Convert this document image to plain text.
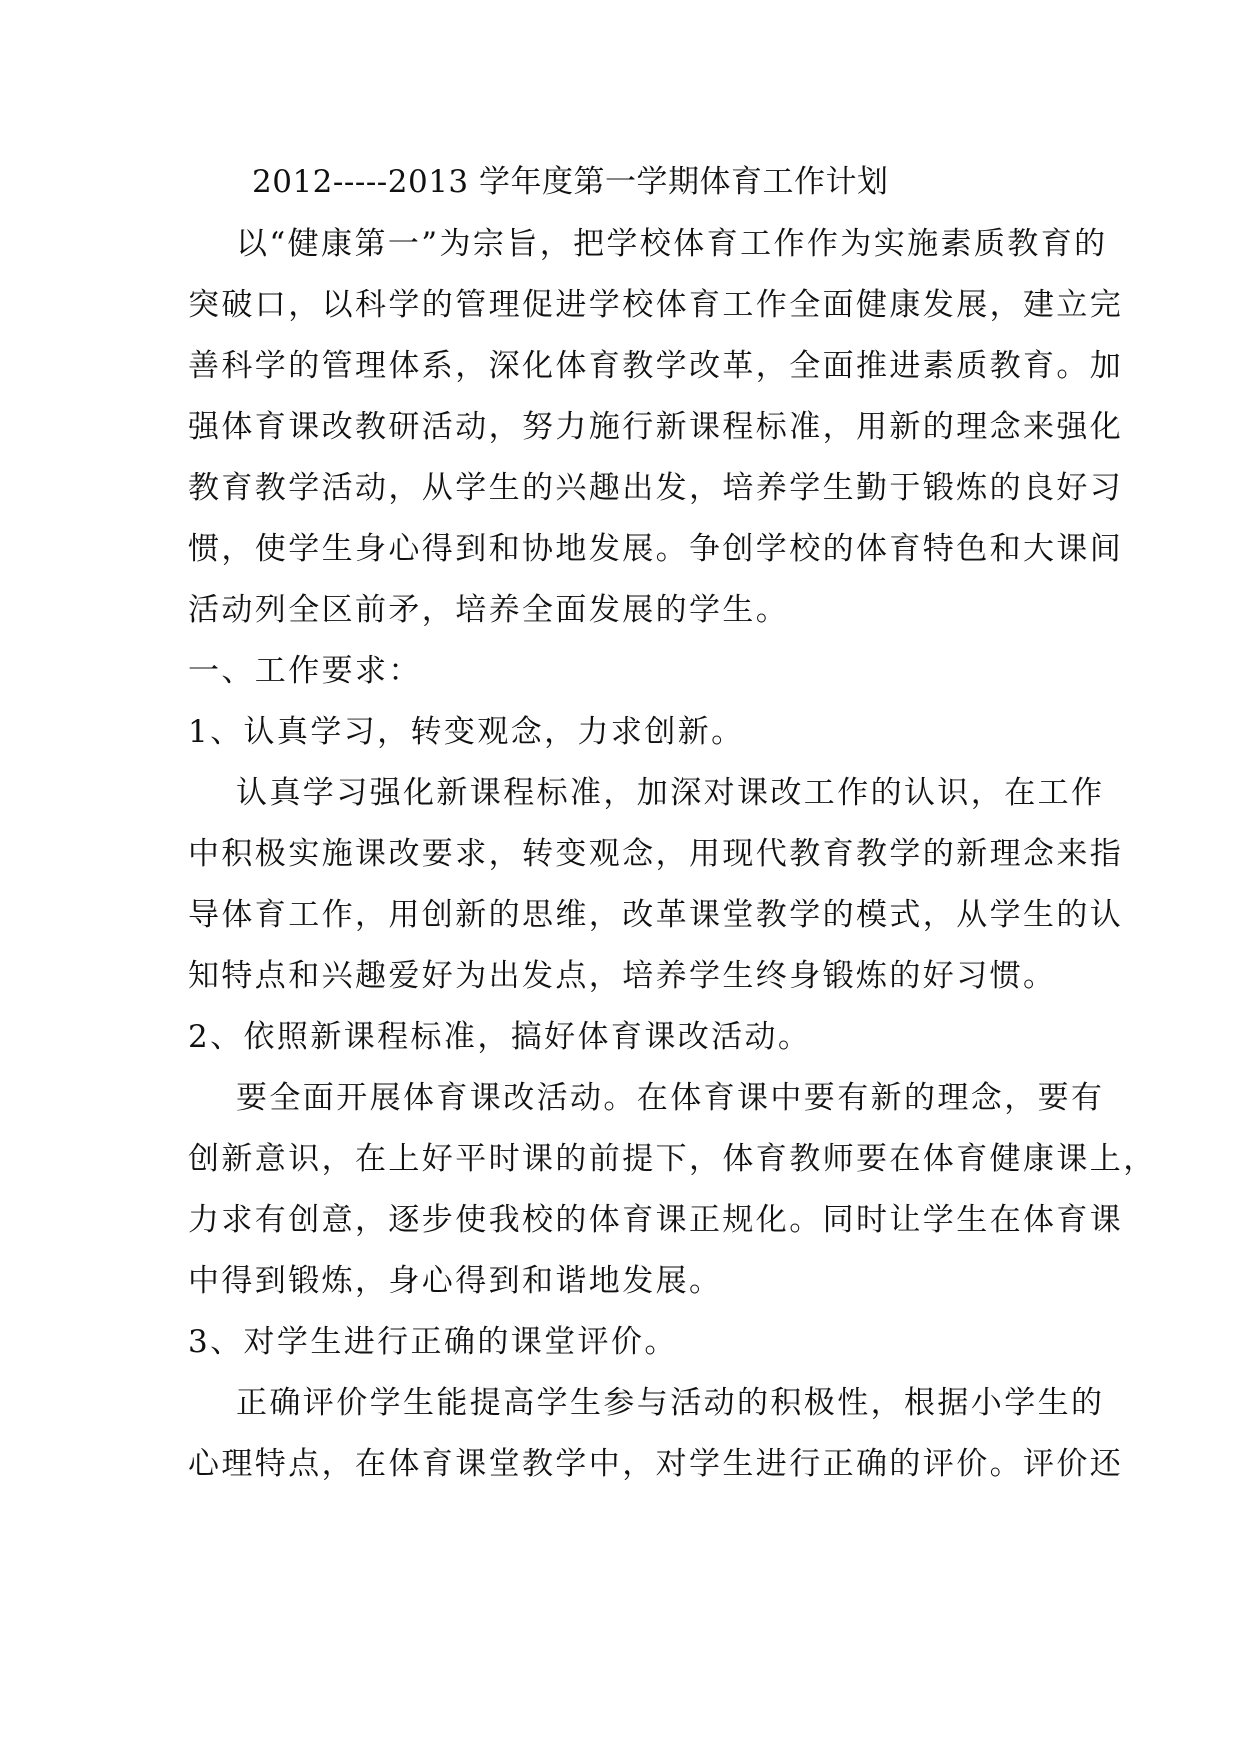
2012-----2013 学年度第一学期体育工作计划
以“健康第一”为宗旨，把学校体育工作作为实施素质教育的
突破口，以科学的管理促进学校体育工作全面健康发展，建立完
善科学的管理体系，深化体育教学改革，全面推进素质教育。加
强体育课改教研活动，努力施行新课程标准，用新的理念来强化
教育教学活动，从学生的兴趣出发，培养学生勤于锻炼的良好习
惯，使学生身心得到和协地发展。争创学校的体育特色和大课间
活动列全区前矛，培养全面发展的学生。
一、工作要求：
1、认真学习，转变观念，力求创新。
认真学习强化新课程标准，加深对课改工作的认识，在工作
中积极实施课改要求，转变观念，用现代教育教学的新理念来指
导体育工作，用创新的思维，改革课堂教学的模式，从学生的认
知特点和兴趣爱好为出发点，培养学生终身锻炼的好习惯。
2、依照新课程标准，搞好体育课改活动。
要全面开展体育课改活动。在体育课中要有新的理念，要有
创新意识，在上好平时课的前提下，体育教师要在体育健康课上，
力求有创意，逐步使我校的体育课正规化。同时让学生在体育课
中得到锻炼，身心得到和谐地发展。
3、对学生进行正确的课堂评价。
正确评价学生能提高学生参与活动的积极性，根据小学生的
心理特点，在体育课堂教学中，对学生进行正确的评价。评价还
